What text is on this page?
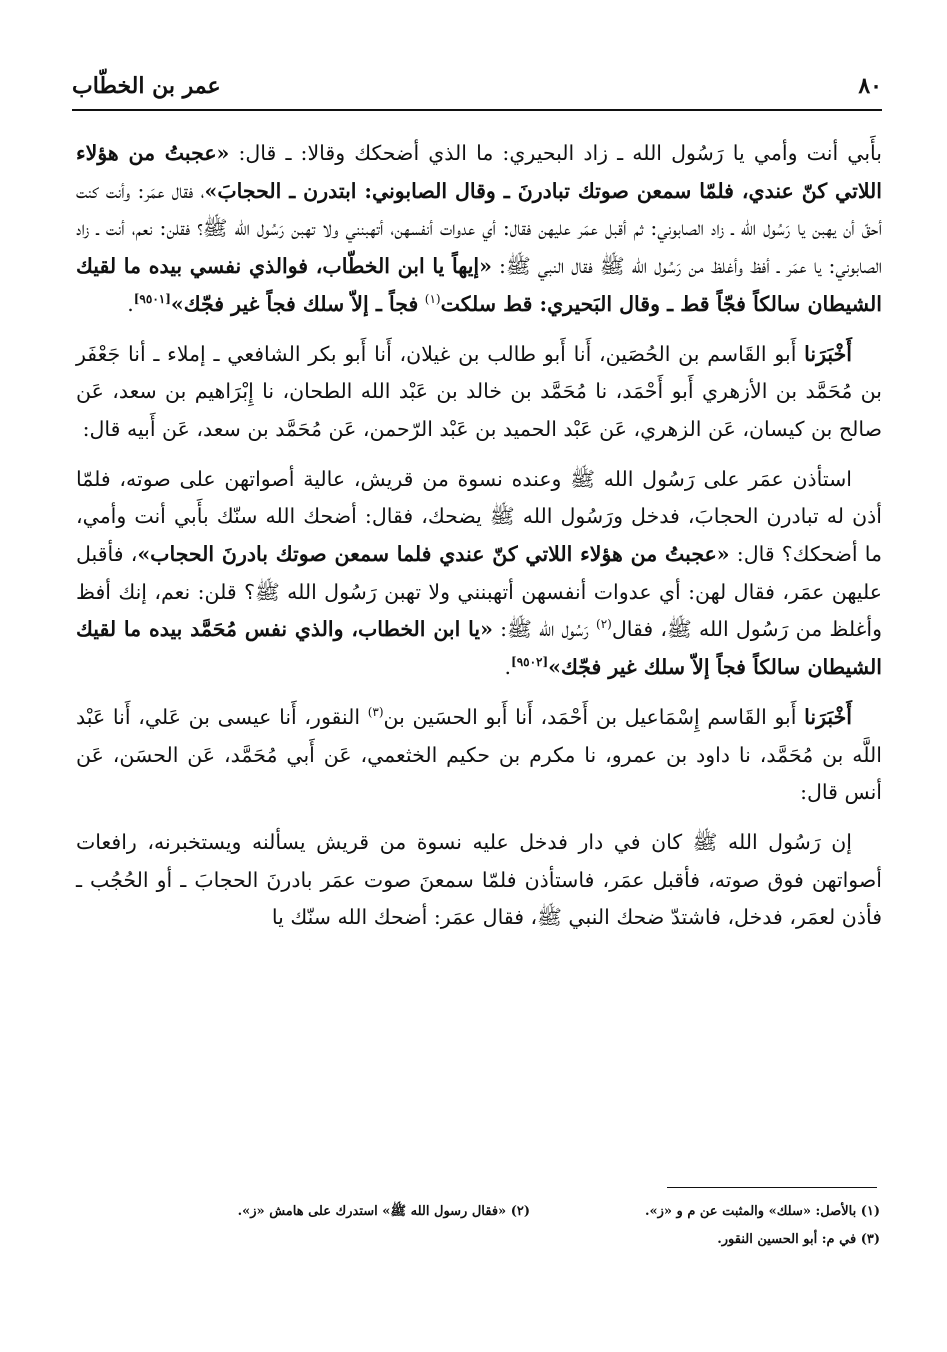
٨٠
عمر بن الخطّاب

بأَبي أنت وأمي يا رَسُول الله ـ زاد البحيري: ما الذي أضحكك وقالا: ـ قال: «عجبتُ من هؤلاء اللاتي كنّ عندي، فلمّا سمعن صوتك تبادرنَ ـ وقال الصابوني: ابتدرن ـ الحجابَ»، فقال عمَر: وأنت كنت أحقّ أن يهبن يا رَسُول الله ـ زاد الصابوني: ثم أقبل عمَر عليهن فقال: أي عدوات أنفسهن، أتهبنني ولا تهبن رَسُول الله ﷺ؟ فقلن: نعم، أنت ـ زاد الصابوني: يا عمَر ـ أفظ وأغلظ من رَسُول الله ﷺ فقال النبي ﷺ: «إيهاً يا ابن الخطّاب، فوالذي نفسي بيده ما لقيك الشيطان سالكاً فجّاً قط ـ وقال البَحيري: قط سلكت$^{(١)}$ فجاً ـ إلاّ سلك فجاً غير فجّك»[٩٥٠١].

أَخْبَرَنا أَبو القَاسم بن الحُصَين، أَنا أَبو طالب بن غيلان، أَنا أَبو بكر الشافعي ـ إملاء ـ أنا جَعْفَر بن مُحَمَّد بن الأزهري أَبو أَحْمَد، نا مُحَمَّد بن خالد بن عَبْد الله الطحان، نا إِبْرَاهيم بن سعد، عَن صالح بن كيسان، عَن الزهري، عَن عَبْد الحميد بن عَبْد الرّحمن، عَن مُحَمَّد بن سعد، عَن أَبيه قال:

استأذن عمَر على رَسُول الله ﷺ وعنده نسوة من قريش، عالية أصواتهن على صوته، فلمّا أذن له تبادرن الحجابَ، فدخل ورَسُول الله ﷺ يضحك، فقال: أضحك الله سنّك بأَبي أنت وأمي، ما أضحكك؟ قال: «عجبتُ من هؤلاء اللاتي كنّ عندي فلما سمعن صوتك بادرنَ الحجاب»، فأقبل عليهن عمَر، فقال لهن: أي عدوات أنفسهن أتهبنني ولا تهبن رَسُول الله ﷺ؟ قلن: نعم، إنك أفظ وأغلظ من رَسُول الله ﷺ، فقال$^{(٢)}$ رَسُول الله ﷺ: «يا ابن الخطاب، والذي نفس مُحَمَّد بيده ما لقيك الشيطان سالكاً فجاً إلاّ سلك غير فجّك»[٩٥٠٢].

أَخْبَرَنا أَبو القَاسم إِسْمَاعيل بن أَحْمَد، أَنا أَبو الحسَين بن$^{(٣)}$ النقور، أَنا عيسى بن عَلي، أَنا عَبْد اللَّه بن مُحَمَّد، نا داود بن عمرو، نا مكرم بن حكيم الخثعمي، عَن أَبي مُحَمَّد، عَن الحسَن، عَن أنس قال:

إن رَسُول الله ﷺ كان في دار فدخل عليه نسوة من قريش يسألنه ويستخبرنه، رافعات أصواتهن فوق صوته، فأقبل عمَر، فاستأذن فلمّا سمعنَ صوت عمَر بادرنَ الحجابَ ـ أو الحُجُب ـ فأذن لعمَر، فدخل، فاشتدّ ضحك النبي ﷺ، فقال عمَر: أضحك الله سنّك يا

(١) بالأصل: «سلك» والمثبت عن م و «ز».
(٢) «فقال رسول الله ﷺ» استدرك على هامش «ز».
(٣) في م: أبو الحسين النقور.
